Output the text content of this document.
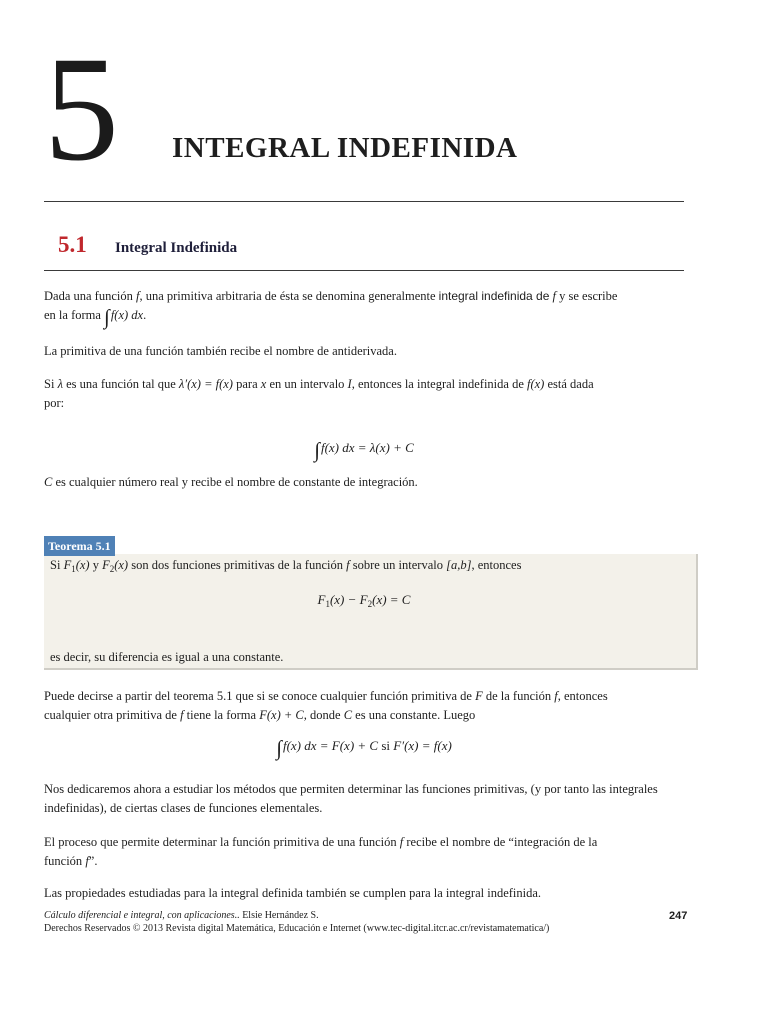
5 INTEGRAL INDEFINIDA
5.1 Integral Indefinida
Dada una función f, una primitiva arbitraria de ésta se denomina generalmente integral indefinida de f y se escribe
en la forma ∫f(x) dx.
La primitiva de una función también recibe el nombre de antiderivada.
Si λ es una función tal que λ′(x) = f(x) para x en un intervalo I, entonces la integral indefinida de f(x) está dada
por:
∫f(x) dx = λ(x) + C
C es cualquier número real y recibe el nombre de constante de integración.
Teorema 5.1
Si $F_1(x)$ y $F_2(x)$ son dos funciones primitivas de la función f sobre un intervalo [a,b], entonces
$F_1(x) - F_2(x) = C$
es decir, su diferencia es igual a una constante.
Puede decirse a partir del teorema 5.1 que si se conoce cualquier función primitiva de F de la función f, entonces
cualquier otra primitiva de f tiene la forma F(x) + C, donde C es una constante. Luego
∫f(x) dx = F(x) + C si F′(x) = f(x)
Nos dedicaremos ahora a estudiar los métodos que permiten determinar las funciones primitivas, (y por tanto las integrales indefinidas), de ciertas clases de funciones elementales.
El proceso que permite determinar la función primitiva de una función f recibe el nombre de “integración de la
función f”.
Las propiedades estudiadas para la integral definida también se cumplen para la integral indefinida.
Cálculo diferencial e integral, con aplicaciones.. Elsie Hernández S.
Derechos Reservados © 2013 Revista digital Matemática, Educación e Internet (www.tec-digital.itcr.ac.cr/revistamatematica/)
247
